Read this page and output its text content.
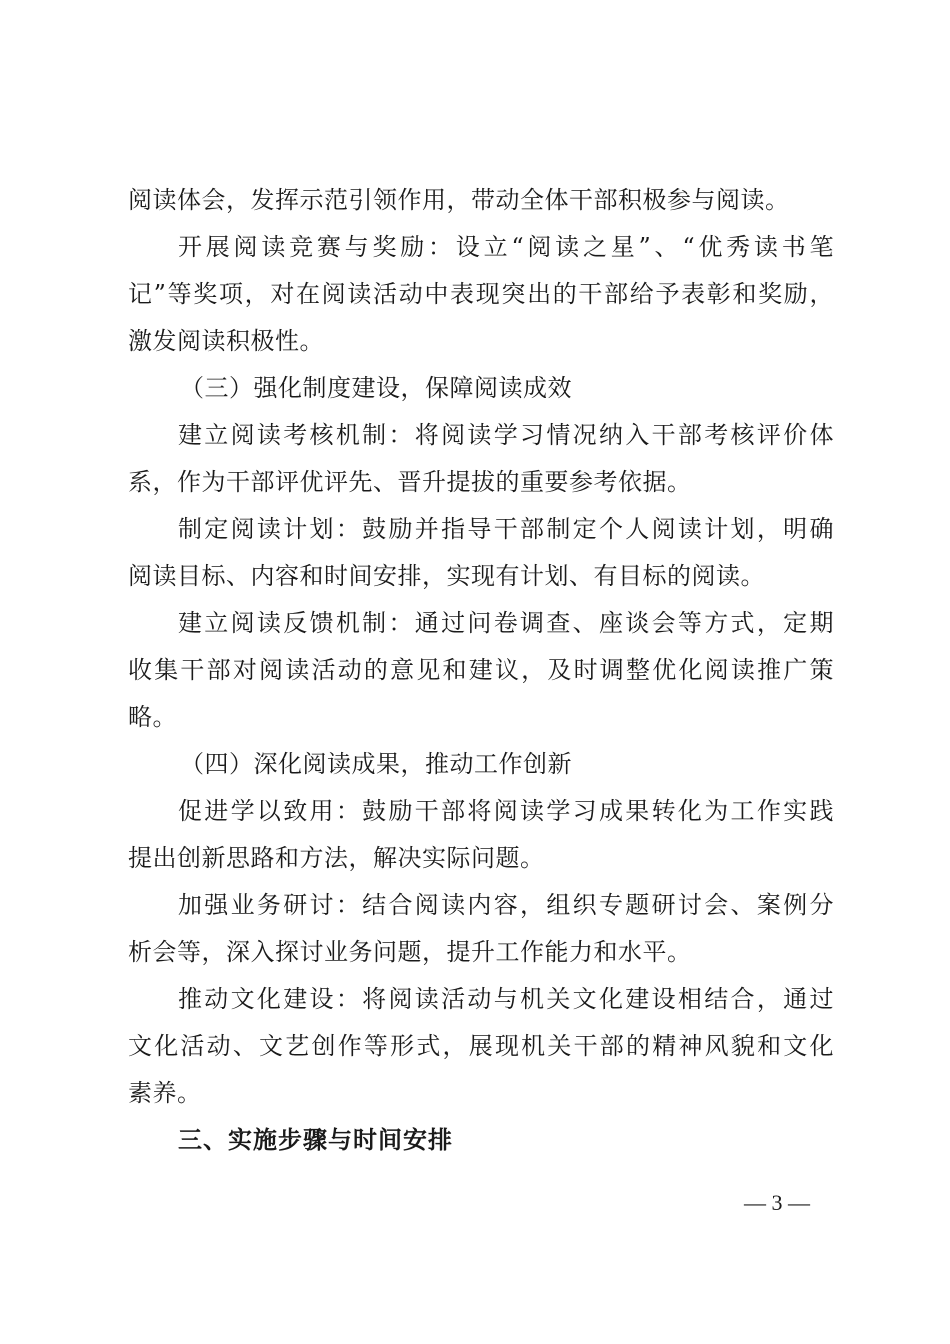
阅读体会，发挥示范引领作用，带动全体干部积极参与阅读。
开展阅读竞赛与奖励：设立“阅读之星”、“优秀读书笔
记”等奖项，对在阅读活动中表现突出的干部给予表彰和奖励，
激发阅读积极性。
（三）强化制度建设，保障阅读成效
建立阅读考核机制：将阅读学习情况纳入干部考核评价体
系，作为干部评优评先、晋升提拔的重要参考依据。
制定阅读计划：鼓励并指导干部制定个人阅读计划，明确
阅读目标、内容和时间安排，实现有计划、有目标的阅读。
建立阅读反馈机制：通过问卷调查、座谈会等方式，定期
收集干部对阅读活动的意见和建议，及时调整优化阅读推广策
略。
（四）深化阅读成果，推动工作创新
促进学以致用：鼓励干部将阅读学习成果转化为工作实践
提出创新思路和方法，解决实际问题。
加强业务研讨：结合阅读内容，组织专题研讨会、案例分
析会等，深入探讨业务问题，提升工作能力和水平。
推动文化建设：将阅读活动与机关文化建设相结合，通过
文化活动、文艺创作等形式，展现机关干部的精神风貌和文化
素养。
三、实施步骤与时间安排
— 3 —
